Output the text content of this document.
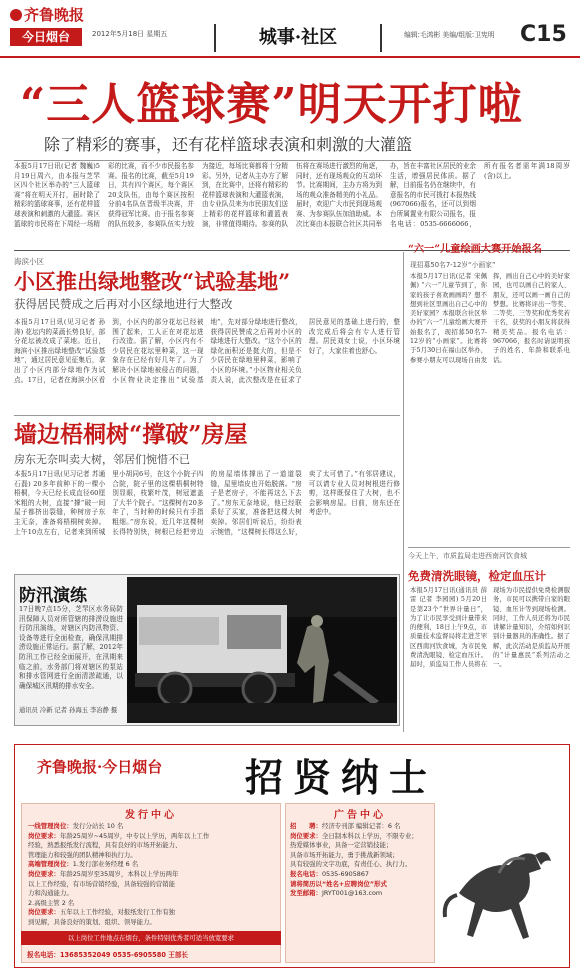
齐鲁晚报
今日烟台	2012年5月18日 星期五	城事·社区	编辑:毛鸿彬 美编/组版:卫宪明 C15
“三人篮球赛”明天开打啦
除了精彩的赛事，还有花样篮球表演和刺激的大灌篮
本报5月17日讯(记者 魏巍)5月19日周六，由本报与芝罘区四个社区举办的“三人篮球赛”将在明天开打，届时除了精彩的篮球赛事，还有花样篮球表演和刺激的大灌篮。赛区篮球的市民将在下周经一场精彩的比赛，而不少市民报名参赛。报名的比赛，截至5月19日，共有四个赛区，每个赛区20支队伍，由每个赛区按积分前4名队伍晋级半决赛，并获得冠军比赛。由于报名参赛的队伍较多，参赛队伍实力较为接近，每场比赛都将十分精彩。另外，记者从主办方了解到，在比赛中，还将有精彩的花样篮球表演和大灌篮表演，由专业队员来为市民朋友们送上精彩的花样篮球和灌篮表演，非常值得期待。参赛的队伍将在赛场进行激烈的角逐，同时，还有现场观众的互动环节。比赛期间，主办方将为到场的观众准备精美的小礼品。届时，欢迎广大市民到现场观赛、为参赛队伍加油助威。本次比赛由本报联合社区共同举办，旨在丰富社区居民的业余生活，增强居民体质。据了解，目前报名仍在继续中，有意报名的市民可拨打本报热线(967066)报名，还可以到烟台所属置业有限公司报名，报名电话：0535-6666066，所有报名者需年满18周岁(含)以上。
海滨小区
小区推出绿地整改“试验基地”
获得居民赞成之后再对小区绿地进行大整改
本报5月17日讯(见习记者 孙涛) 花坛内的菜蔬长势良好，部分花坛被改成了菜地。近日，海滨小区推出绿地整改“试验基地”，通过居民意见征集后，拿出了小区内部分绿地作为试点。17日，记者在海滨小区看到，小区内的部分花坛已经被围了起来，工人正在对花坛进行改造。据了解，小区内有不少居民在花坛里种菜，这一现象存在已经有好几年了。为了解决小区绿地被侵占的问题，小区物业决定推出“试验基地”，先对部分绿地进行整改，获得居民赞成之后再对小区的绿地进行大整改。“这个小区的绿化面积还是挺大的，但是不少居民在绿地里种菜，影响了小区的环境。”小区物业相关负责人说，此次整改是在征求了居民意见的基础上进行的，整改完成后将会有专人进行管理。居民刘女士说，小区环境好了，大家住着也舒心。
墙边梧桐树“撑破”房屋
房东无奈叫卖大树，邻居们惋惜不已
本报5月17日讯(见习记者 苏通 石磊) 20多年前种下的一棵小梧桐，今天已经长成直径60厘米粗的大树，直接“撑”破一间屋子都挤出裂缝，种树房子东主无奈，准备将梧桐树卖掉。上午10点左右，记者来到所城里小胡同6号，在这个小院子四合院，院子里的这棵梧桐树特别显眼，枝繁叶茂，树冠遮盖了大半个院子。“这棵树有20多年了，当时种的时候只有手指粗细。”房东说，近几年这棵树长得特别快，树根已经把旁边的房屋墙体撑出了一道道裂缝，屋里墙皮也开始脱落。“房子是老房子，不能再这么下去了。”房东无奈地说，他已经联系好了买家，准备把这棵大树卖掉。邻居们听说后，纷纷表示惋惜，“这棵树长得这么好，卖了太可惜了。”有邻居建议，可以请专业人员对树根进行修剪，这样既保住了大树，也不会影响房屋。目前，房东还在考虑中。
防汛演练
17日晚7点15分，芝罘区水务局防汛保障人员对所管辖的排涝设施进行防汛演练，对辖区内防汛物资、设备等进行全面检查，确保汛期排涝设施正常运行。据了解，2012年防汛工作已经全面展开，在汛期来临之前，水务部门将对辖区的泵站和排水管网进行全面清淤疏通，以确保城区汛期的排水安全。
通讯员 冷新 记者 孙海玉 李冶静 摄
“六一”儿童绘画大赛开始报名
现招募50名7-12岁“小画家”
本报5月17日讯(记者 宋佩佩) “六一”儿童节到了，你家的孩子喜欢画画吗？想不想到社区里画出自己心中的美好家园？本报联合社区举办的“六一”儿童绘画大赛开始报名了，现招募50名7-12岁的“小画家”。比赛将于5月30日在福山区举办，参赛小朋友可以现场自由发挥，画出自己心中的美好家园，也可以画自己的家人、朋友，还可以画一画自己的梦想。比赛将评出一等奖、二等奖、三等奖和优秀奖若干名，获奖的小朋友将获得精美奖品。报名电话：967066，报名时请说明孩子的姓名、年龄和联系电话。
今天上午，市质监局走进西南河饮食城
免费清洗眼镜，检定血压计
本报5月17日讯(通讯员 薛雷 记者 李园园) 5月20日是第23个“世界计量日”，为了让市民享受到计量带来的便利，18日上午9点，市质量技术监督局将走进芝罘区西南河饮食城，为市民免费清洗眼镜、检定血压计。届时，质监局工作人员将在现场为市民提供免费检测服务，市民可以携带自家的眼镜、血压计等到现场检测。同时，工作人员还将为市民讲解计量知识，介绍如何识别计量器具的准确性。据了解，此次活动是质监局开展的“计量惠民”系列活动之一。
齐鲁晚报·今日烟台 招贤纳士
发行中心
一线管理岗位：发行分站长 10 名
岗位要求：年龄25周岁~45周岁，中专以上学历，两年以上工作
经验，熟悉报纸发行流程，具有良好的市场开拓能力、
管理能力和较强的团队精神和执行力。
高端管理岗位：1.发行部业务经理 6 名
岗位要求：年龄25周岁至35周岁，本科以上学历两年
以上工作经验，有市场营销经验，具备较强的营销能
力和沟通能力。
2.高级主管 2 名
岗位要求：五年以上工作经验，对报纸发行工作有独
到见解，具备良好的策划、组织、领导能力。
以上岗位工作地点在烟台，条件特别优秀者可适当放宽要求
报名电话：13685352049 0535-6905580 王部长
广告中心
招　　聘：经济专刊部 编辑记者：6 名
岗位要求：全日制本科以上学历，不限专业；
热爱媒体事业，具备一定营销技能；
具备市场开拓能力，勇于挑战新领域；
具有较强的文字功底，有责任心、执行力。
报名电话：0535-6905867
请将简历以“姓名+应聘岗位”形式
发至邮箱：JRYT001@163.com
